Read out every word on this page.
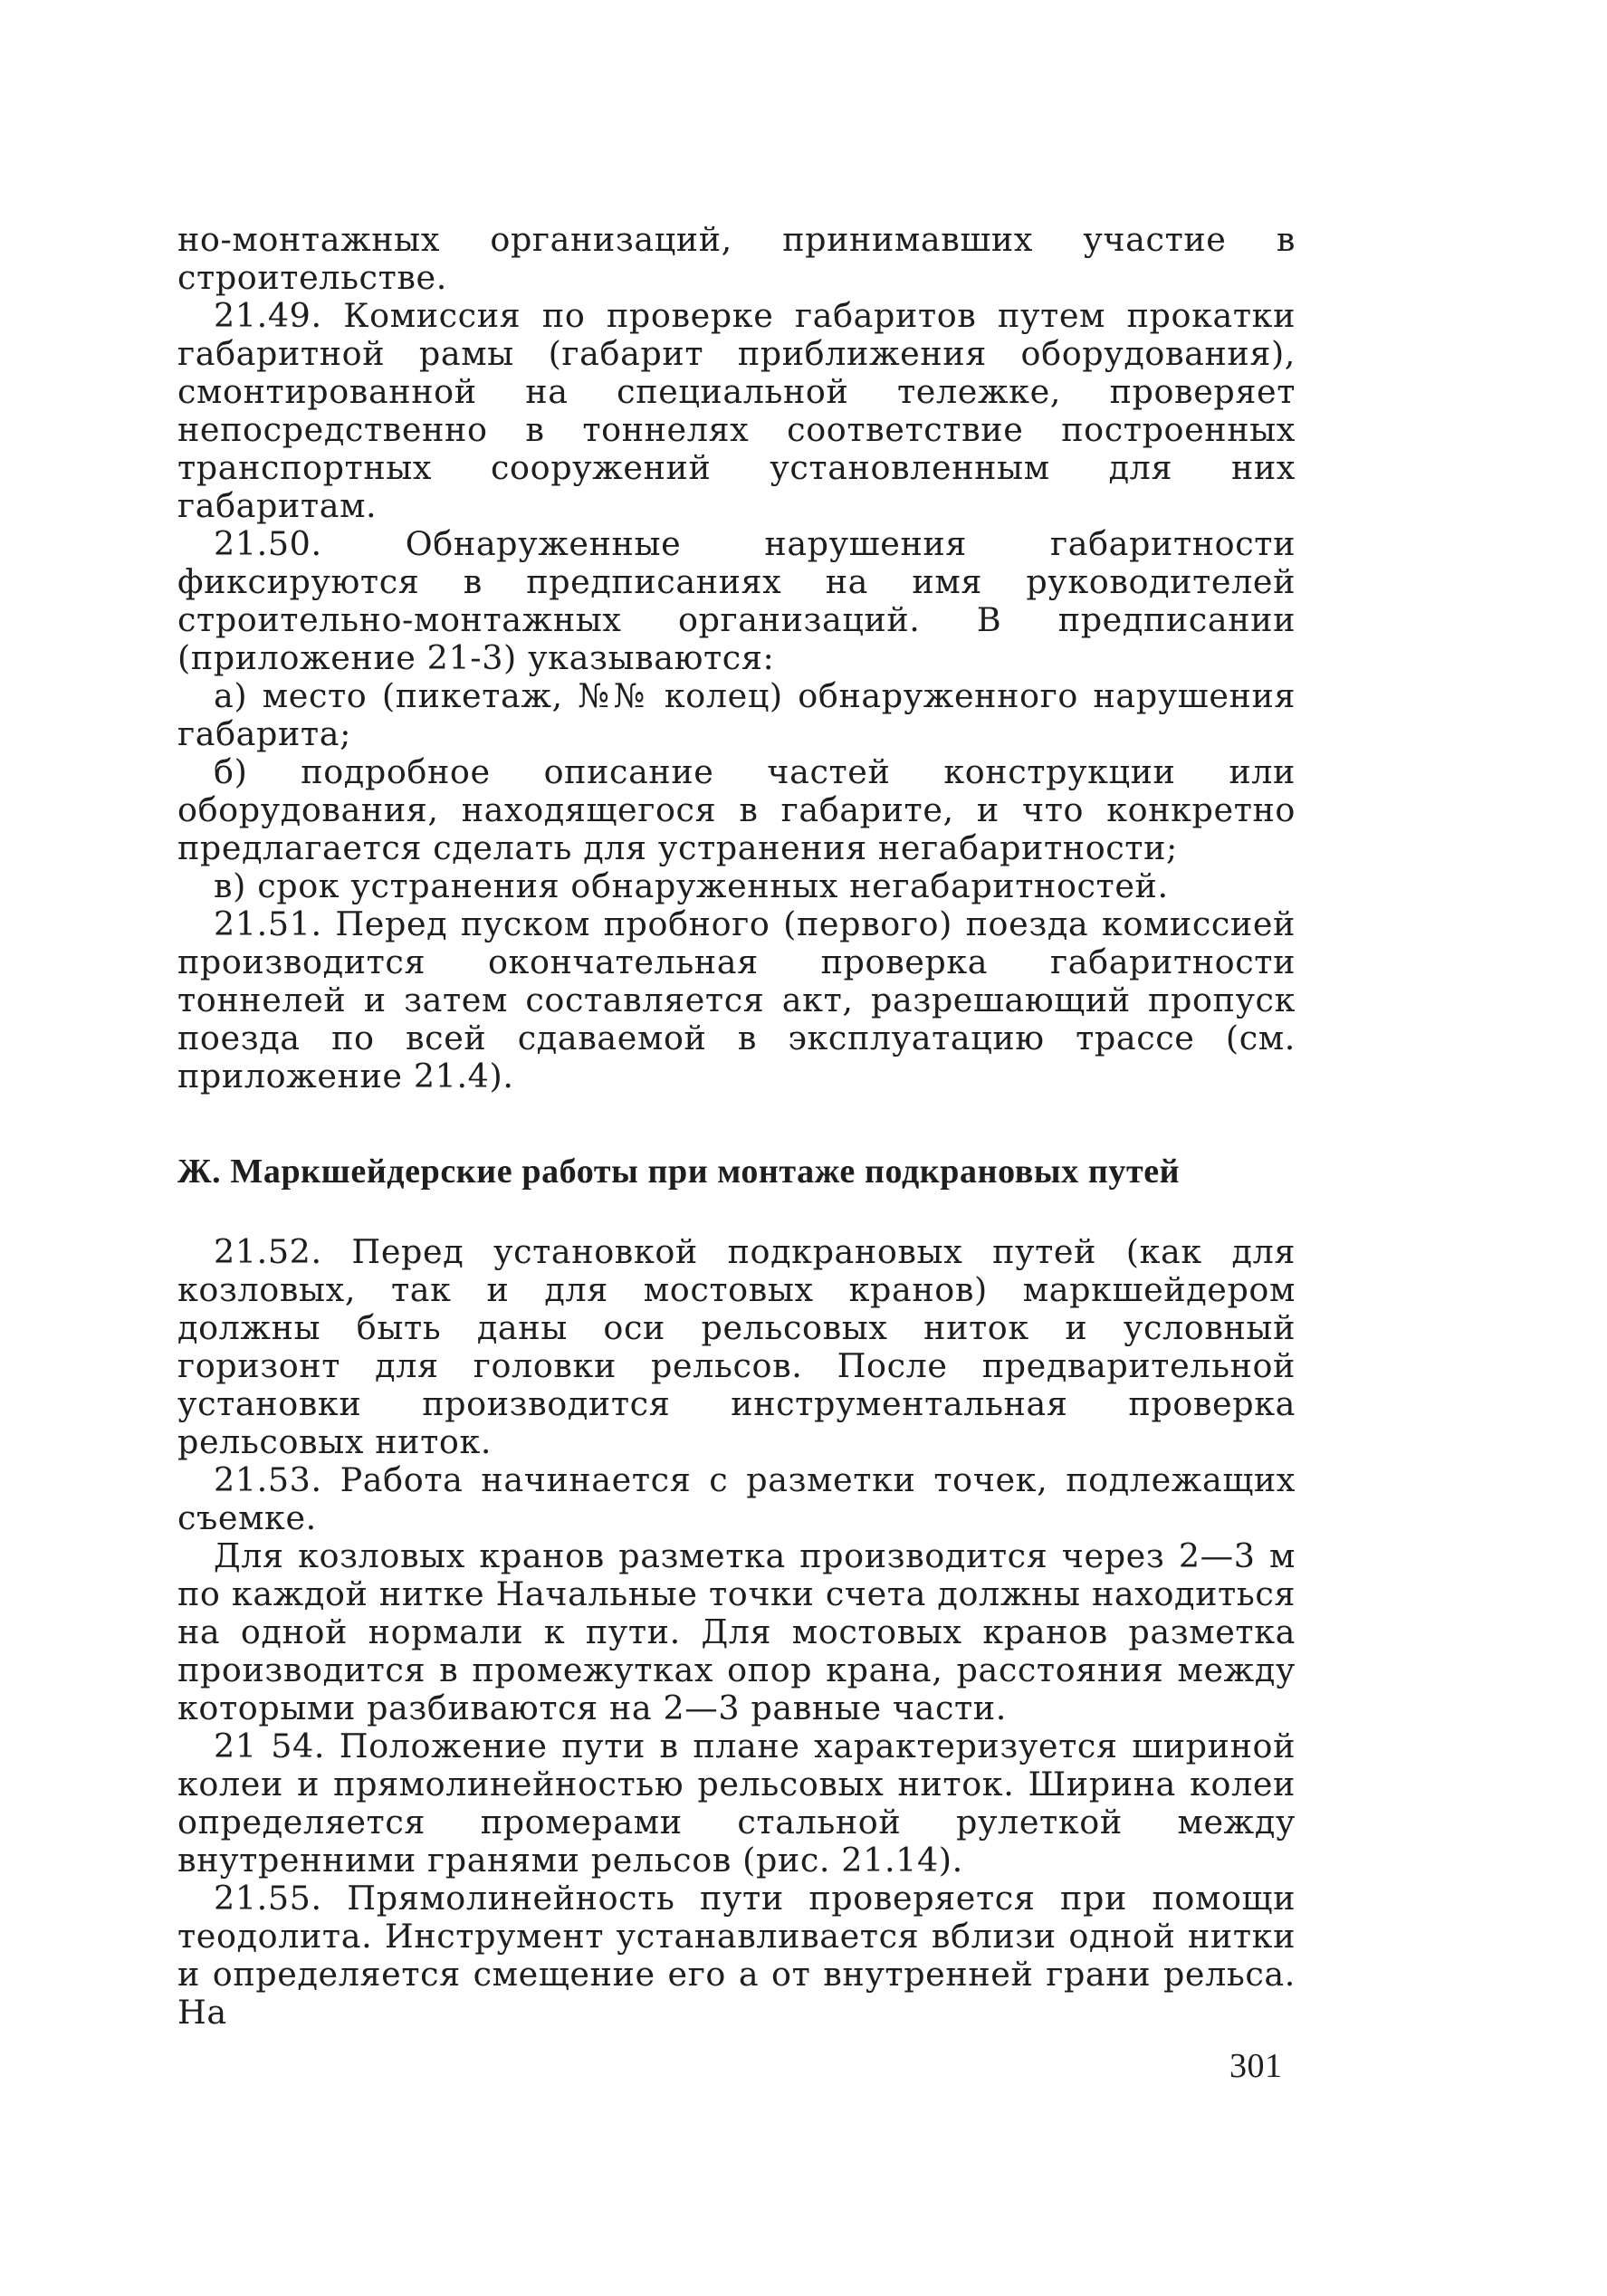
но-монтажных организаций, принимавших участие в строительстве.

21.49. Комиссия по проверке габаритов путем прокатки габаритной рамы (габарит приближения оборудования), смонтированной на специальной тележке, проверяет непосредственно в тоннелях соответствие построенных транспортных сооружений установленным для них габаритам.

21.50. Обнаруженные нарушения габаритности фиксируются в предписаниях на имя руководителей строительно-монтажных организаций. В предписании (приложение 21-3) указываются:

а) место (пикетаж, №№ колец) обнаруженного нарушения габарита;

б) подробное описание частей конструкции или оборудования, находящегося в габарите, и что конкретно предлагается сделать для устранения негабаритности;

в) срок устранения обнаруженных негабаритностей.

21.51. Перед пуском пробного (первого) поезда комиссией производится окончательная проверка габаритности тоннелей и затем составляется акт, разрешающий пропуск поезда по всей сдаваемой в эксплуатацию трассе (см. приложение 21.4).

Ж. Маркшейдерские работы при монтаже подкрановых путей

21.52. Перед установкой подкрановых путей (как для козловых, так и для мостовых кранов) маркшейдером должны быть даны оси рельсовых ниток и условный горизонт для головки рельсов. После предварительной установки производится инструментальная проверка рельсовых ниток.

21.53. Работа начинается с разметки точек, подлежащих съемке.

Для козловых кранов разметка производится через 2—3 м по каждой нитке Начальные точки счета должны находиться на одной нормали к пути. Для мостовых кранов разметка производится в промежутках опор крана, расстояния между которыми разбиваются на 2—3 равные части.

21 54. Положение пути в плане характеризуется шириной колеи и прямолинейностью рельсовых ниток. Ширина колеи определяется промерами стальной рулеткой между внутренними гранями рельсов (рис. 21.14).

21.55. Прямолинейность пути проверяется при помощи теодолита. Инструмент устанавливается вблизи одной нитки и определяется смещение его а от внутренней грани рельса. На

301
